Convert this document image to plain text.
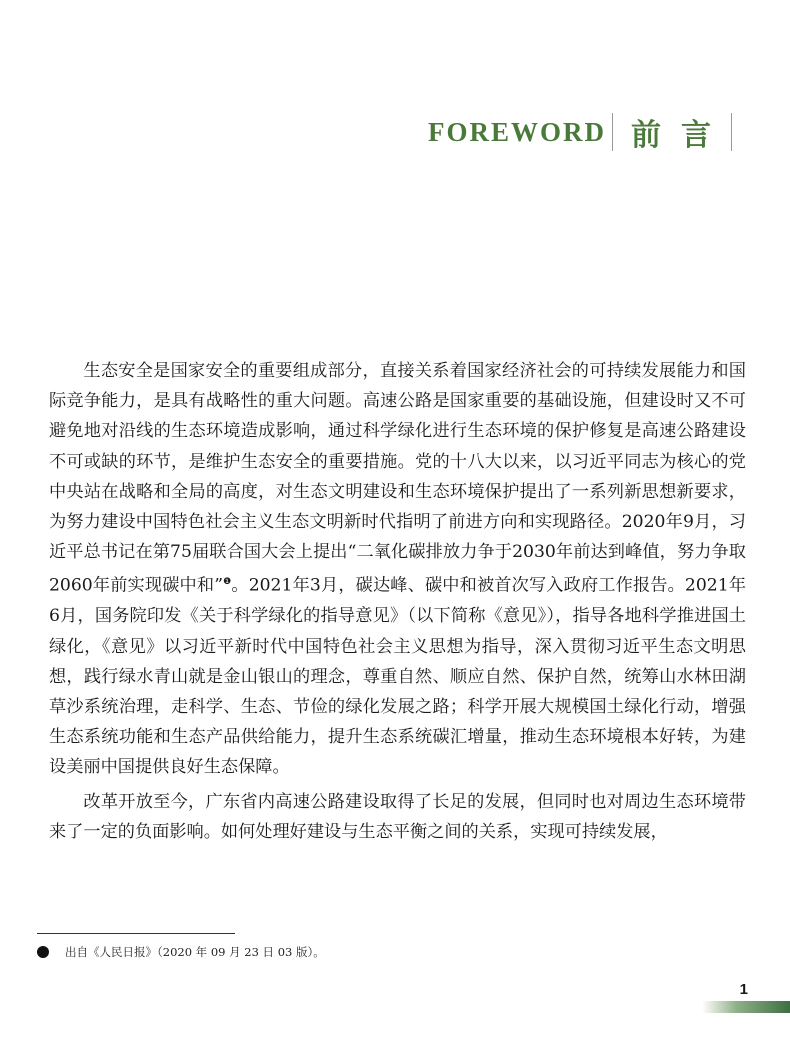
FOREWORD 前言

生态安全是国家安全的重要组成部分，直接关系着国家经济社会的可持续发展能力和国际竞争能力，是具有战略性的重大问题。高速公路是国家重要的基础设施，但建设时又不可避免地对沿线的生态环境造成影响，通过科学绿化进行生态环境的保护修复是高速公路建设不可或缺的环节，是维护生态安全的重要措施。党的十八大以来，以习近平同志为核心的党中央站在战略和全局的高度，对生态文明建设和生态环境保护提出了一系列新思想新要求，为努力建设中国特色社会主义生态文明新时代指明了前进方向和实现路径。2020年9月，习近平总书记在第75届联合国大会上提出“二氧化碳排放力争于2030年前达到峰值，努力争取2060年前实现碳中和”$^❶$。2021年3月，碳达峰、碳中和被首次写入政府工作报告。2021年6月，国务院印发《关于科学绿化的指导意见》（以下简称《意见》），指导各地科学推进国土绿化，《意见》以习近平新时代中国特色社会主义思想为指导，深入贯彻习近平生态文明思想，践行绿水青山就是金山银山的理念，尊重自然、顺应自然、保护自然，统筹山水林田湖草沙系统治理，走科学、生态、节俭的绿化发展之路；科学开展大规模国土绿化行动，增强生态系统功能和生态产品供给能力，提升生态系统碳汇增量，推动生态环境根本好转，为建设美丽中国提供良好生态保障。

改革开放至今，广东省内高速公路建设取得了长足的发展，但同时也对周边生态环境带来了一定的负面影响。如何处理好建设与生态平衡之间的关系，实现可持续发展，

出自《人民日报》（2020 年 09 月 23 日 03 版）。
1
